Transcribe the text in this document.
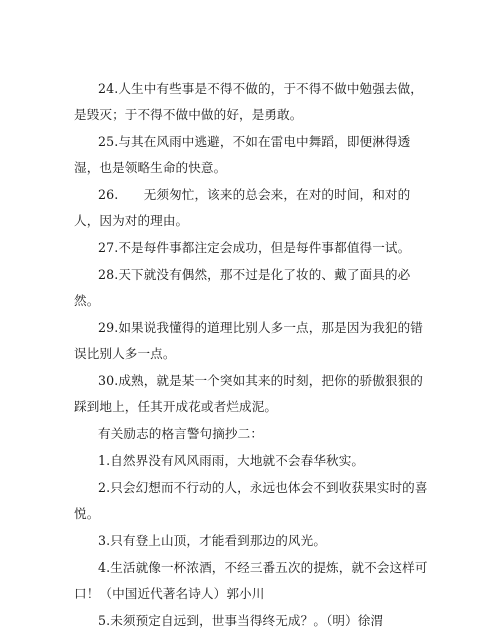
24.人生中有些事是不得不做的，于不得不做中勉强去做，是毁灭；于不得不做中做的好，是勇敢。

25.与其在风雨中逃避，不如在雷电中舞蹈，即便淋得透湿，也是领略生命的快意。

26.　　无须匆忙，该来的总会来，在对的时间，和对的人，因为对的理由。

27.不是每件事都注定会成功，但是每件事都值得一试。

28.天下就没有偶然，那不过是化了妆的、戴了面具的必然。

29.如果说我懂得的道理比别人多一点，那是因为我犯的错误比别人多一点。

30.成熟，就是某一个突如其来的时刻，把你的骄傲狠狠的踩到地上，任其开成花或者烂成泥。

有关励志的格言警句摘抄二：

1.自然界没有风风雨雨，大地就不会春华秋实。

2.只会幻想而不行动的人，永远也体会不到收获果实时的喜悦。

3.只有登上山顶，才能看到那边的风光。

4.生活就像一杯浓酒，不经三番五次的提炼，就不会这样可口！（中国近代著名诗人）郭小川

5.未须预定自远到，世事当得终无成？。（明）徐渭
